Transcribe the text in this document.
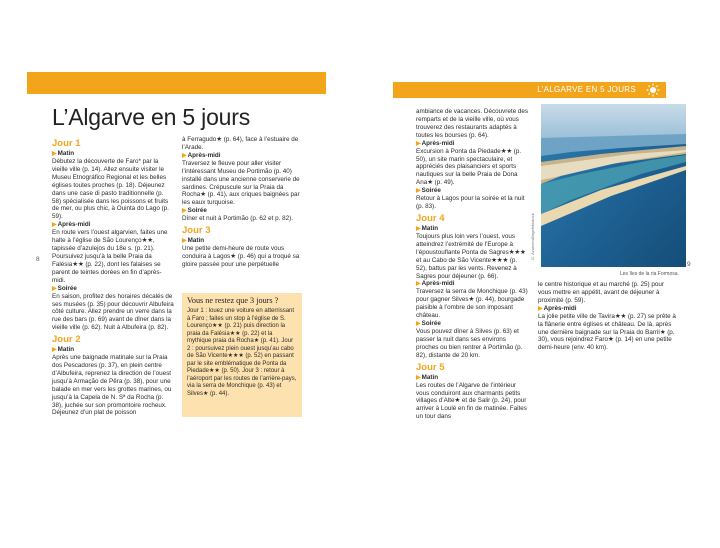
L’Algarve en 5 jours
Jour 1
▶Matin

Débutez la découverte de Faro* par la vieille ville (p. 14). Allez ensuite visiter le Museu Etnográfico Regional et les belles églises toutes proches (p. 18). Déjeunez dans une case di pasto traditionnelle (p. 58) spécialisée dans les poissons et fruits de mer, ou plus chic, à Ouinta do Lago (p. 59).

▶Après-midi

En route vers l’ouest algarvien, faites une halte à l’église de São Lourenço★★, tapissée d’azulejos du 18e s. (p. 21). Poursuivez jusqu’à la belle Praia da Falésia★★ (p. 22), dont les falaises se parent de teintes dorées en fin d’après-midi.

▶Soirée

En saison, profitez des horaires décalés de ses musées (p. 35) pour découvrir Albufeira côté culture. Allez prendre un verre dans la rue des bars (p. 69) avant de dîner dans la vieille ville (p. 62). Nuit à Albufeira (p. 82).

Jour 2
▶Matin

Après une baignade matinale sur la Praia dos Pescadores (p. 37), en plein centre d’Albufeira, reprenez la direction de l’ouest jusqu’à Armação de Pêra (p. 38), pour une balade en mer vers les grottes marines, ou jusqu’à la Capela de N. Sª da Rocha (p. 38), juchée sur son promontoire rocheux. Déjeunez d’un plat de poisson

à Ferragudo★ (p. 64), face à l’estuaire de l’Arade.

▶Après-midi

Traversez le fleuve pour aller visiter l’intéressant Museu de Portimão (p. 40) installé dans une ancienne conserverie de sardines. Crépuscule sur la Praia da Rocha★ (p. 41), aux criques baignées par les eaux turquoise.

▶Soirée

Dîner et nuit à Portimão (p. 62 et p. 82).

Jour 3
▶Matin

Une petite demi-heure de route vous conduira à Lagos★ (p. 46) qui a troqué sa gloire passée pour une perpétuelle

Vous ne restez que 3 jours ?

Jour 1 : louez une voiture en atterrissant à Faro ; faites un stop à l’église de S. Lourenço★★ (p. 21) puis direction la praia da Falésia★★ (p. 22) et la mythique praia da Rocha★ (p. 41). Jour 2 : poursuivez plein ouest jusqu’au cabo de São Vicente★★★ (p. 52) en passant par le site emblématique de Ponta da Piedade★★ (p. 50). Jour 3 : retour à l’aéroport par les routes de l’arrière-pays, via la serra de Monchique (p. 43) et Silves★ (p. 44).

8
L’ALGARVE EN 5 JOURS

ambiance de vacances. Découvrete des remparts et de la vieille ville, où vous trouverez des restaurants adaptés à toutes les bourses (p. 64).

▶Après-midi

Excursion à Ponta da Piedade★★ (p. 50), un site marin spectaculaire, et appréciés des plaisanciers et sports nautiques sur la belle Praia de Dona Ana★ (p. 49).

▶Soirée

Retour à Lagos pour la soirée et la nuit (p. 83).

Jour 4
▶Matin

Toujours plus loin vers l’ouest, vous atteindrez l’extrémité de l’Europe à l’époustouflante Ponta de Sagres★★★ et au Cabo de São Vicente★★★ (p. 52), battus par les vents. Revenez à Sagres pour déjeuner (p. 66).

▶Après-midi

Traversez la serra de Monchique (p. 43) pour gagner Silves★ (p. 44), bourgade paisible à l’ombre de son imposant château.

▶Soirée

Vous pouvez dîner à Silves (p. 63) et passer la nuit dans ses environs proches ou bien rentrer à Portimão (p. 82), distante de 20 km.

Jour 5
▶Matin

Les routes de l’Algarve de l’intérieur vous conduiront aux charmants petits villages d’Alte★ et de Salir (p. 24), pour arriver à Loulé en fin de matinée. Faites un tour dans

G. Azumendi/agefotostock
Les îles de la ria Formosa.
9

le centre historique et au marché (p. 25) pour vous mettre en appétit, avant de déjeuner à proximité (p. 59).

▶Après-midi

La jolie petite ville de Tavira★★ (p. 27) se prête à la flânerie entre églises et château. De là, après une dernière baignade sur la Praia do Barril★ (p. 30), vous rejoindrez Faro★ (p. 14) en une petite demi-heure (env. 40 km).
